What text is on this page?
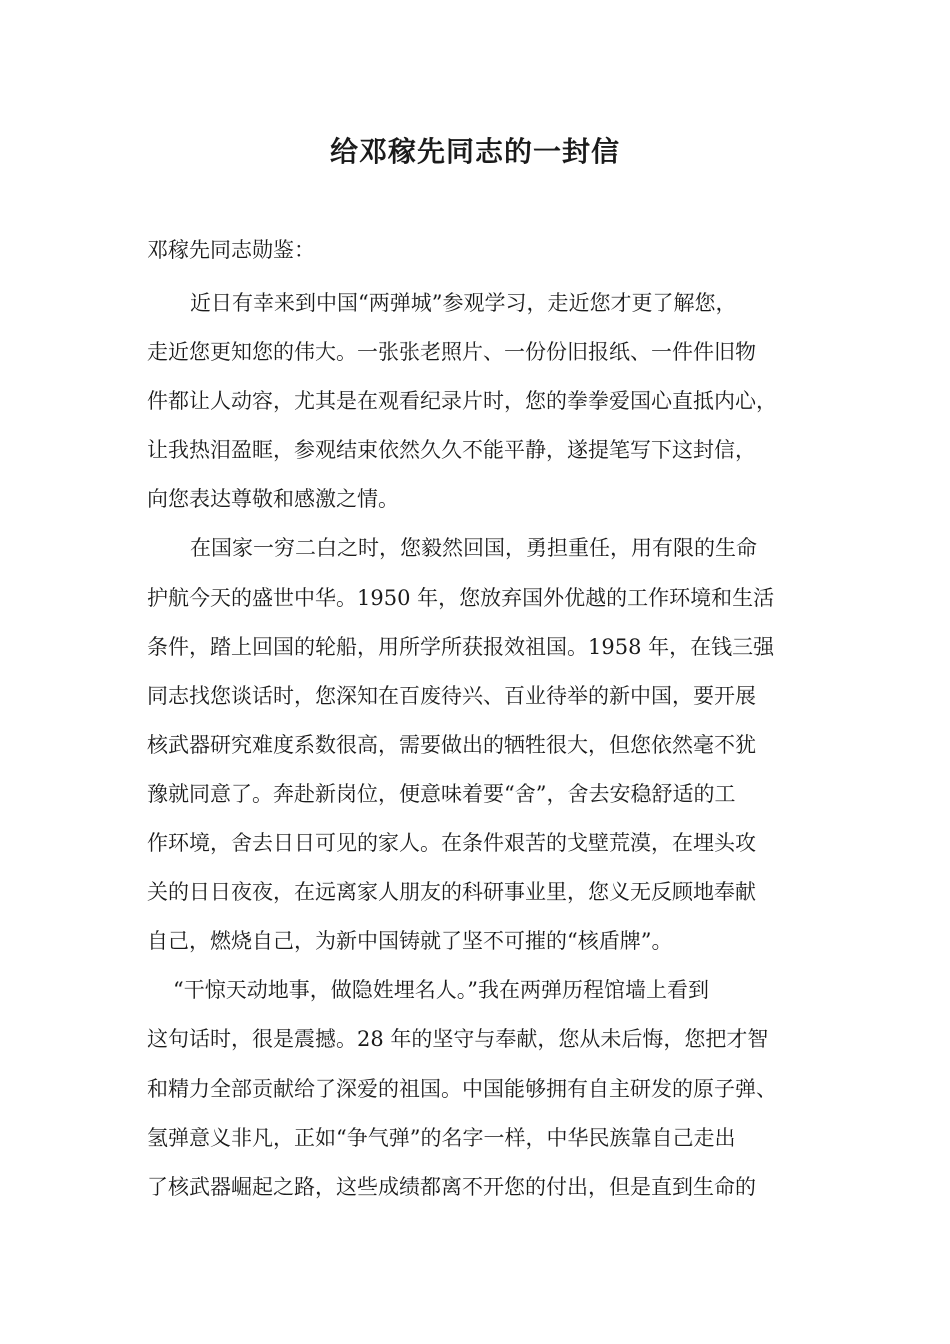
给邓稼先同志的一封信
邓稼先同志勋鉴：
近日有幸来到中国“两弹城”参观学习，走近您才更了解您，
走近您更知您的伟大。一张张老照片、一份份旧报纸、一件件旧物
件都让人动容，尤其是在观看纪录片时，您的拳拳爱国心直抵内心，
让我热泪盈眶，参观结束依然久久不能平静，遂提笔写下这封信，
向您表达尊敬和感激之情。
在国家一穷二白之时，您毅然回国，勇担重任，用有限的生命
护航今天的盛世中华。1950 年，您放弃国外优越的工作环境和生活
条件，踏上回国的轮船，用所学所获报效祖国。1958 年，在钱三强
同志找您谈话时，您深知在百废待兴、百业待举的新中国，要开展
核武器研究难度系数很高，需要做出的牺牲很大，但您依然毫不犹
豫就同意了。奔赴新岗位，便意味着要“舍”，舍去安稳舒适的工
作环境，舍去日日可见的家人。在条件艰苦的戈壁荒漠，在埋头攻
关的日日夜夜，在远离家人朋友的科研事业里，您义无反顾地奉献
自己，燃烧自己，为新中国铸就了坚不可摧的“核盾牌”。
“干惊天动地事，做隐姓埋名人。”我在两弹历程馆墙上看到
这句话时，很是震撼。28 年的坚守与奉献，您从未后悔，您把才智
和精力全部贡献给了深爱的祖国。中国能够拥有自主研发的原子弹、
氢弹意义非凡，正如“争气弹”的名字一样，中华民族靠自己走出
了核武器崛起之路，这些成绩都离不开您的付出，但是直到生命的
